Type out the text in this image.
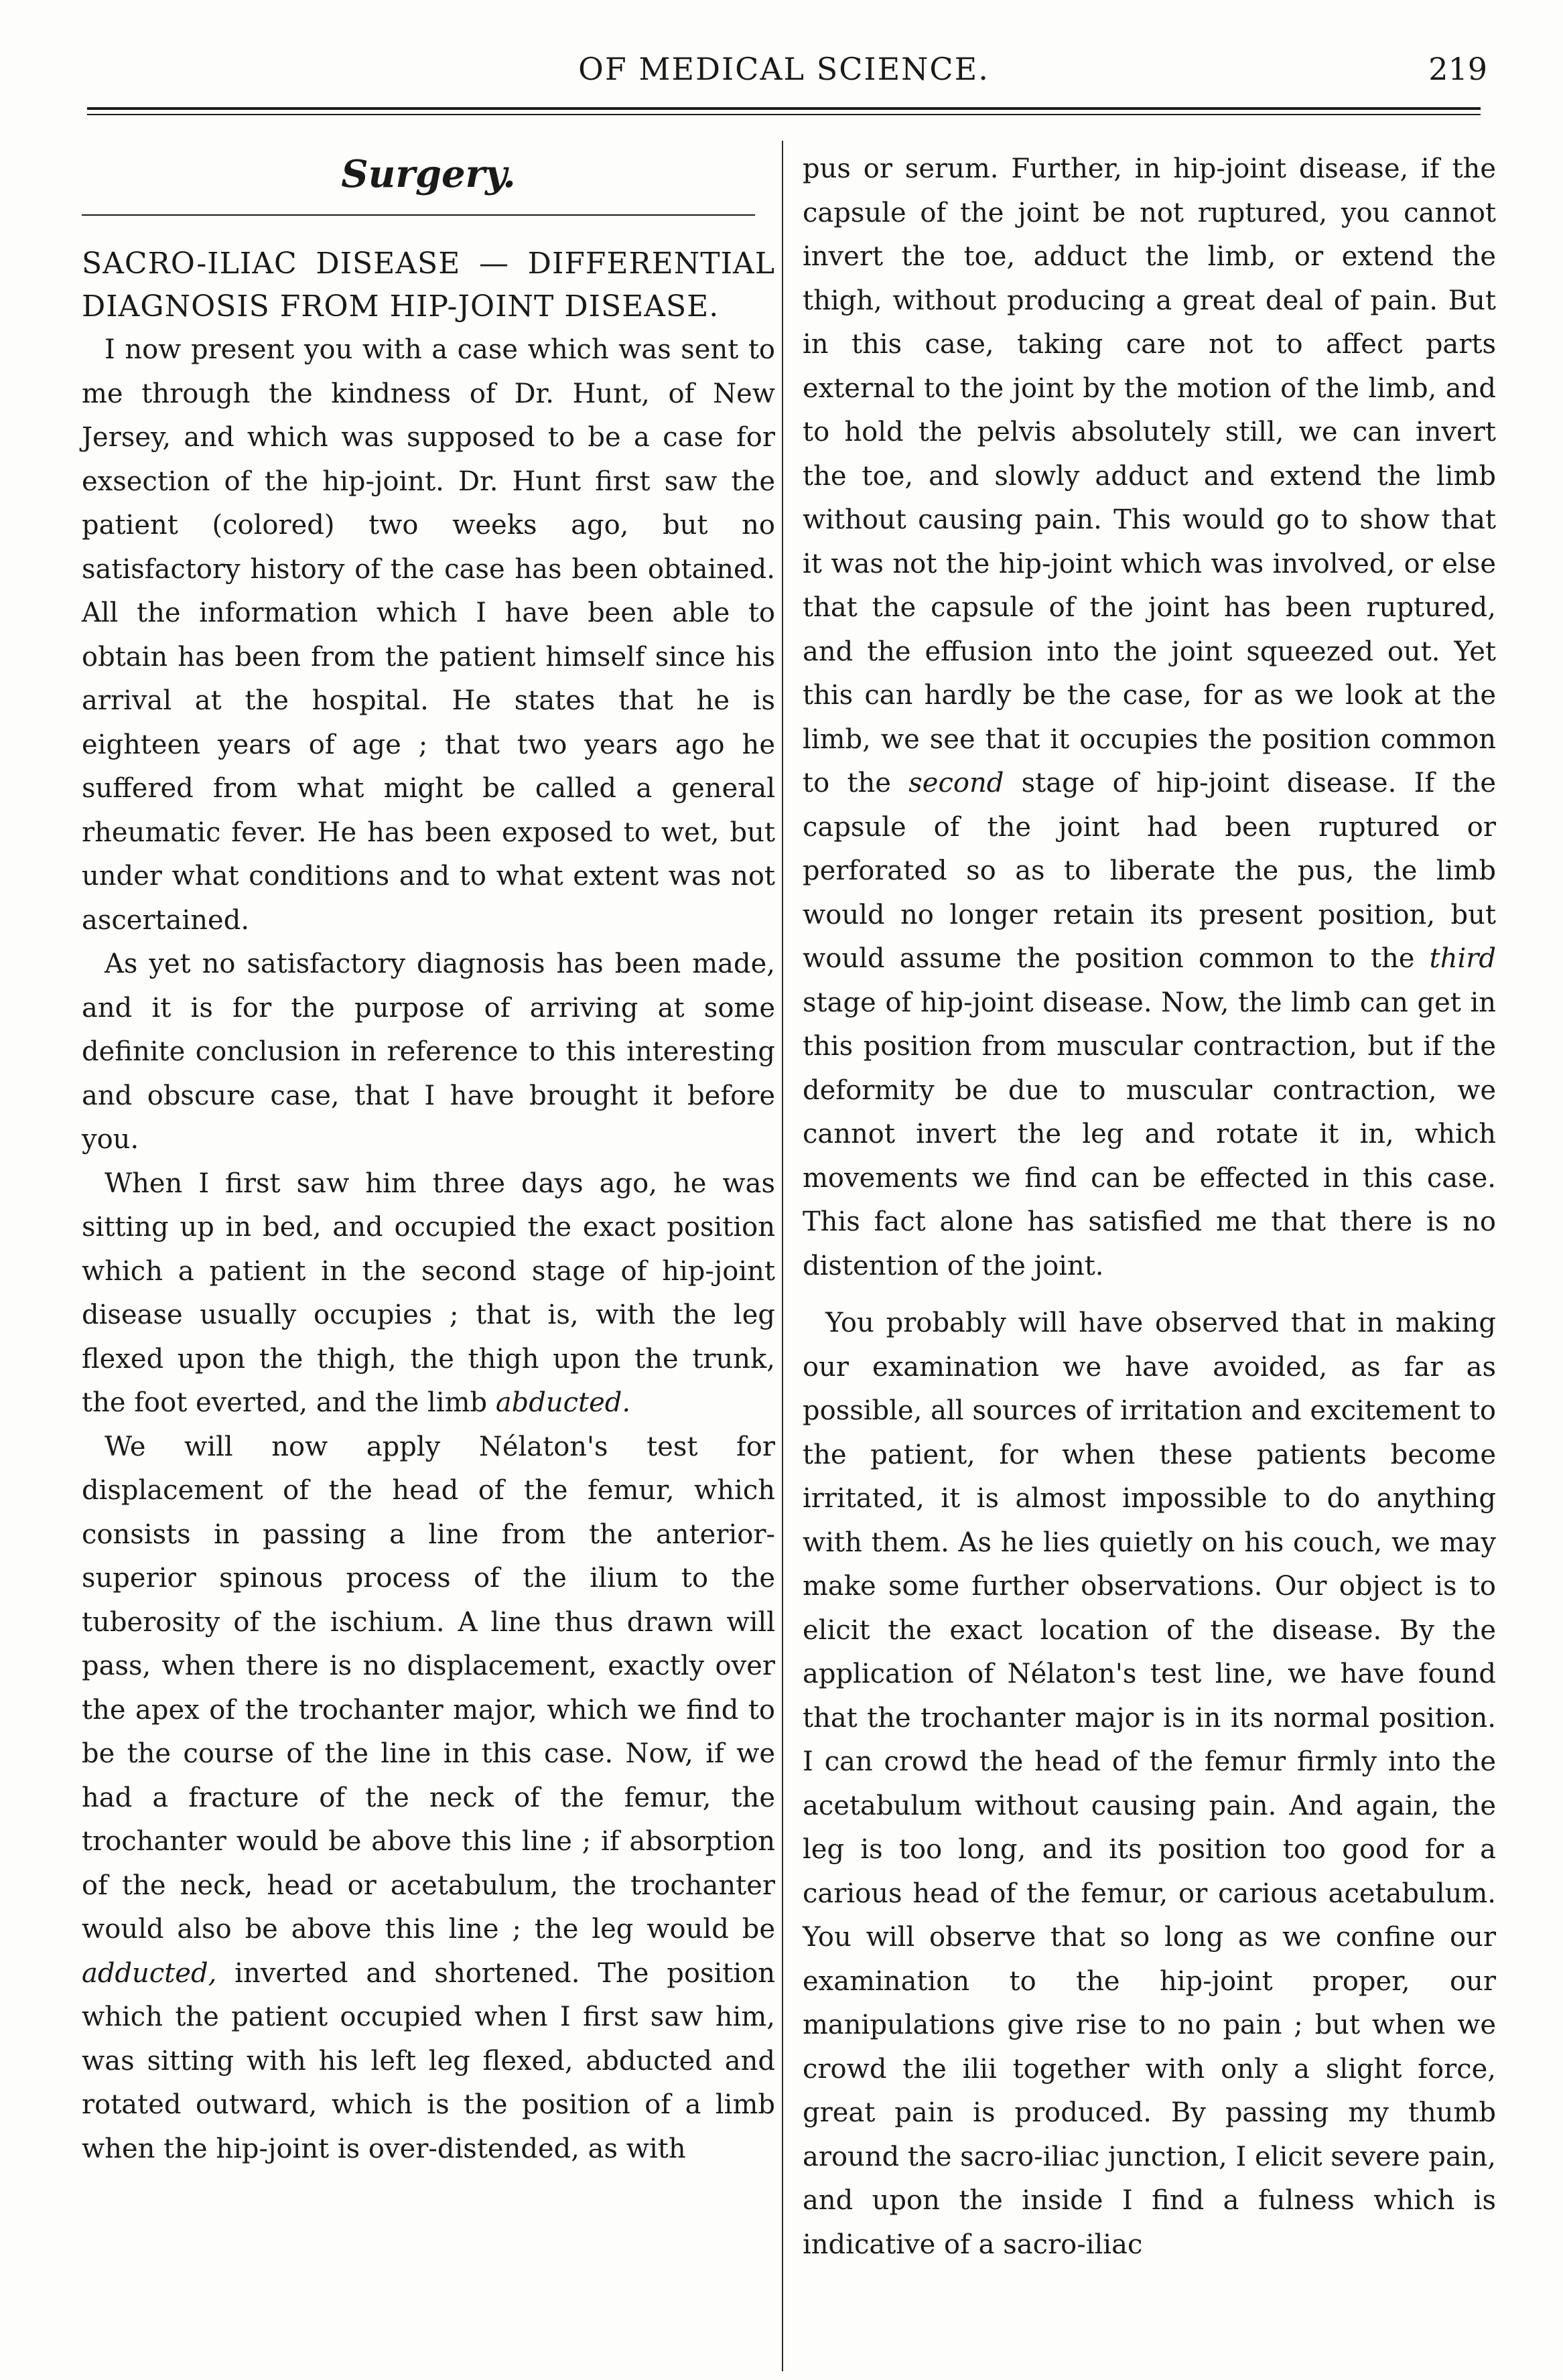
OF MEDICAL SCIENCE.	219
Surgery.

SACRO-ILIAC DISEASE — DIFFERENTIAL DIAGNOSIS FROM HIP-JOINT DISEASE.

I now present you with a case which was sent to me through the kindness of Dr. Hunt, of New Jersey, and which was supposed to be a case for exsection of the hip-joint. Dr. Hunt first saw the patient (colored) two weeks ago, but no satisfactory history of the case has been obtained. All the information which I have been able to obtain has been from the patient himself since his arrival at the hospital. He states that he is eighteen years of age ; that two years ago he suffered from what might be called a general rheumatic fever. He has been exposed to wet, but under what conditions and to what extent was not ascertained.

As yet no satisfactory diagnosis has been made, and it is for the purpose of arriving at some definite conclusion in reference to this interesting and obscure case, that I have brought it before you.

When I first saw him three days ago, he was sitting up in bed, and occupied the exact position which a patient in the second stage of hip-joint disease usually occupies ; that is, with the leg flexed upon the thigh, the thigh upon the trunk, the foot everted, and the limb abducted.

We will now apply Nélaton's test for displacement of the head of the femur, which consists in passing a line from the anterior-superior spinous process of the ilium to the tuberosity of the ischium. A line thus drawn will pass, when there is no displacement, exactly over the apex of the trochanter major, which we find to be the course of the line in this case. Now, if we had a fracture of the neck of the femur, the trochanter would be above this line ; if absorption of the neck, head or acetabulum, the trochanter would also be above this line ; the leg would be adducted, inverted and shortened. The position which the patient occupied when I first saw him, was sitting with his left leg flexed, abducted and rotated outward, which is the position of a limb when the hip-joint is over-distended, as with

pus or serum. Further, in hip-joint disease, if the capsule of the joint be not ruptured, you cannot invert the toe, adduct the limb, or extend the thigh, without producing a great deal of pain. But in this case, taking care not to affect parts external to the joint by the motion of the limb, and to hold the pelvis absolutely still, we can invert the toe, and slowly adduct and extend the limb without causing pain. This would go to show that it was not the hip-joint which was involved, or else that the capsule of the joint has been ruptured, and the effusion into the joint squeezed out. Yet this can hardly be the case, for as we look at the limb, we see that it occupies the position common to the second stage of hip-joint disease. If the capsule of the joint had been ruptured or perforated so as to liberate the pus, the limb would no longer retain its present position, but would assume the position common to the third stage of hip-joint disease. Now, the limb can get in this position from muscular contraction, but if the deformity be due to muscular contraction, we cannot invert the leg and rotate it in, which movements we find can be effected in this case. This fact alone has satisfied me that there is no distention of the joint.

You probably will have observed that in making our examination we have avoided, as far as possible, all sources of irritation and excitement to the patient, for when these patients become irritated, it is almost impossible to do anything with them. As he lies quietly on his couch, we may make some further observations. Our object is to elicit the exact location of the disease. By the application of Nélaton's test line, we have found that the trochanter major is in its normal position. I can crowd the head of the femur firmly into the acetabulum without causing pain. And again, the leg is too long, and its position too good for a carious head of the femur, or carious acetabulum. You will observe that so long as we confine our examination to the hip-joint proper, our manipulations give rise to no pain ; but when we crowd the ilii together with only a slight force, great pain is produced. By passing my thumb around the sacro-iliac junction, I elicit severe pain, and upon the inside I find a fulness which is indicative of a sacro-iliac
